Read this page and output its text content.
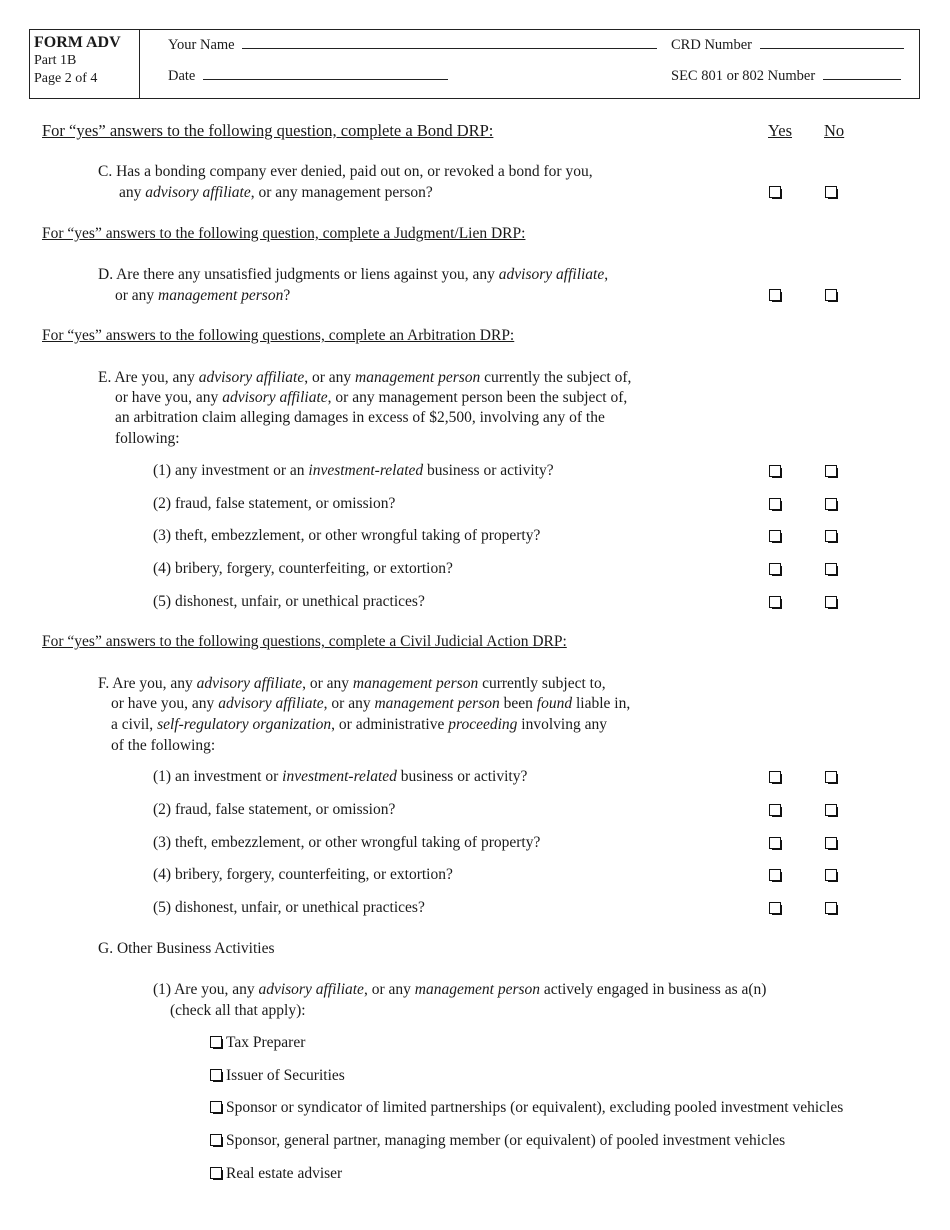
FORM ADV
Part 1B
Page 2 of 4
Your Name	CRD Number
Date	SEC 801 or 802 Number
For “yes” answers to the following question, complete a Bond DRP:	Yes No
C. Has a bonding company ever denied, paid out on, or revoked a bond for you,
any advisory affiliate, or any management person?
For “yes” answers to the following question, complete a Judgment/Lien DRP:
D. Are there any unsatisfied judgments or liens against you, any advisory affiliate,
or any management person?
For “yes” answers to the following questions, complete an Arbitration DRP:
E. Are you, any advisory affiliate, or any management person currently the subject of,
or have you, any advisory affiliate, or any management person been the subject of,
an arbitration claim alleging damages in excess of $2,500, involving any of the
following:
(1) any investment or an investment-related business or activity?
(2) fraud, false statement, or omission?
(3) theft, embezzlement, or other wrongful taking of property?
(4) bribery, forgery, counterfeiting, or extortion?
(5) dishonest, unfair, or unethical practices?
For “yes” answers to the following questions, complete a Civil Judicial Action DRP:
F. Are you, any advisory affiliate, or any management person currently subject to,
or have you, any advisory affiliate, or any management person been found liable in,
a civil, self-regulatory organization, or administrative proceeding involving any
of the following:
(1) an investment or investment-related business or activity?
(2) fraud, false statement, or omission?
(3) theft, embezzlement, or other wrongful taking of property?
(4) bribery, forgery, counterfeiting, or extortion?
(5) dishonest, unfair, or unethical practices?
G. Other Business Activities
(1) Are you, any advisory affiliate, or any management person actively engaged in business as a(n)
(check all that apply):
Tax Preparer
Issuer of Securities
Sponsor or syndicator of limited partnerships (or equivalent), excluding pooled investment vehicles
Sponsor, general partner, managing member (or equivalent) of pooled investment vehicles
Real estate adviser
